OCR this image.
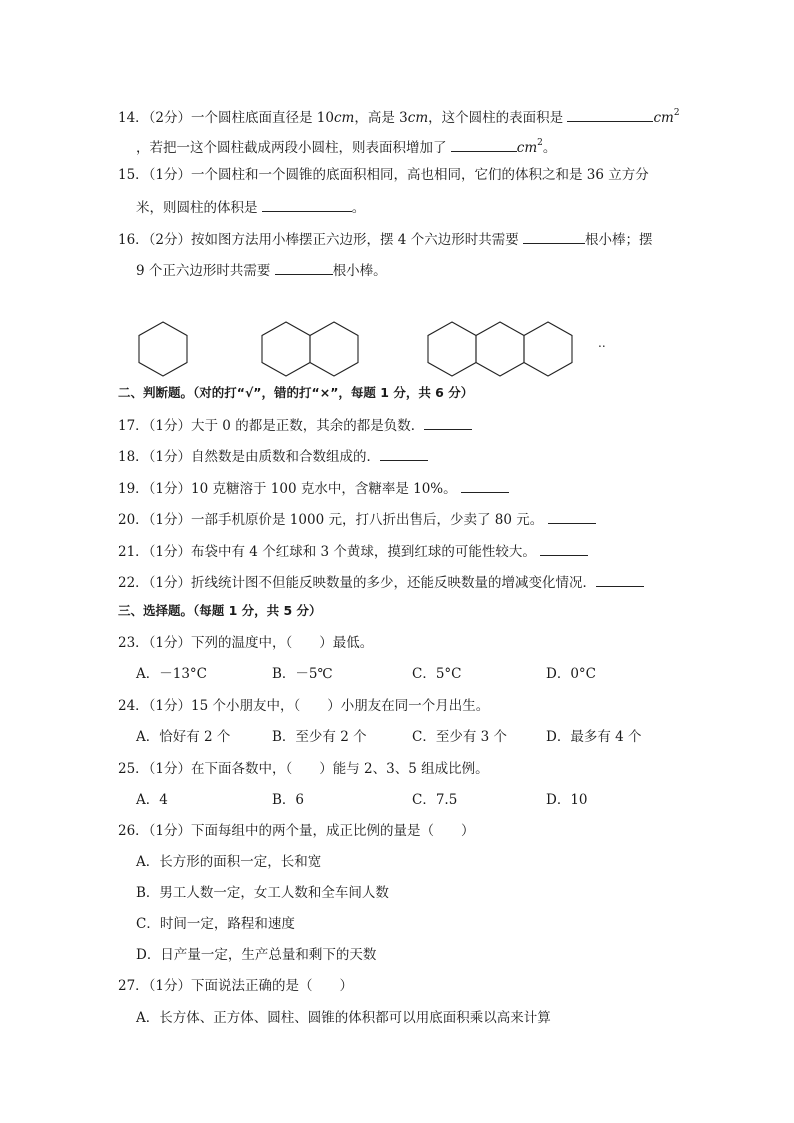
14．（2分）一个圆柱底面直径是 10cm，高是 3cm，这个圆柱的表面积是	$cm^2$
，若把一这个圆柱截成两段小圆柱，则表面积增加了	$cm^2$。
15．（1分）一个圆柱和一个圆锥的底面积相同，高也相同，它们的体积之和是 36 立方分
米，则圆柱的体积是	。
16．（2分）按如图方法用小棒摆正六边形，摆 4 个六边形时共需要	根小棒；摆
9 个正六边形时共需要	根小棒。
..
二、判断题。（对的打“√”，错的打“×”，每题 1 分，共 6 分）
17．（1分）大于 0 的都是正数，其余的都是负数．
18．（1分）自然数是由质数和合数组成的．
19．（1分）10 克糖溶于 100 克水中，含糖率是 10%。
20．（1分）一部手机原价是 1000 元，打八折出售后，少卖了 80 元。
21．（1分）布袋中有 4 个红球和 3 个黄球，摸到红球的可能性较大。
22．（1分）折线统计图不但能反映数量的多少，还能反映数量的增减变化情况．
三、选择题。（每题 1 分，共 5 分）
23．（1分）下列的温度中，（　　）最低。
A．－13°C	B．－5℃	C．5°C	D．0°C
24．（1分）15 个小朋友中，（　　）小朋友在同一个月出生。
A．恰好有 2 个	B．至少有 2 个	C．至少有 3 个	D．最多有 4 个
25．（1分）在下面各数中，（　　）能与 2、3、5 组成比例。
A．4	B．6	C．7.5	D．10
26．（1分）下面每组中的两个量，成正比例的量是（　　）
A．长方形的面积一定，长和宽
B．男工人数一定，女工人数和全车间人数
C．时间一定，路程和速度
D．日产量一定，生产总量和剩下的天数
27．（1分）下面说法正确的是（　　）
A．长方体、正方体、圆柱、圆锥的体积都可以用底面积乘以高来计算
